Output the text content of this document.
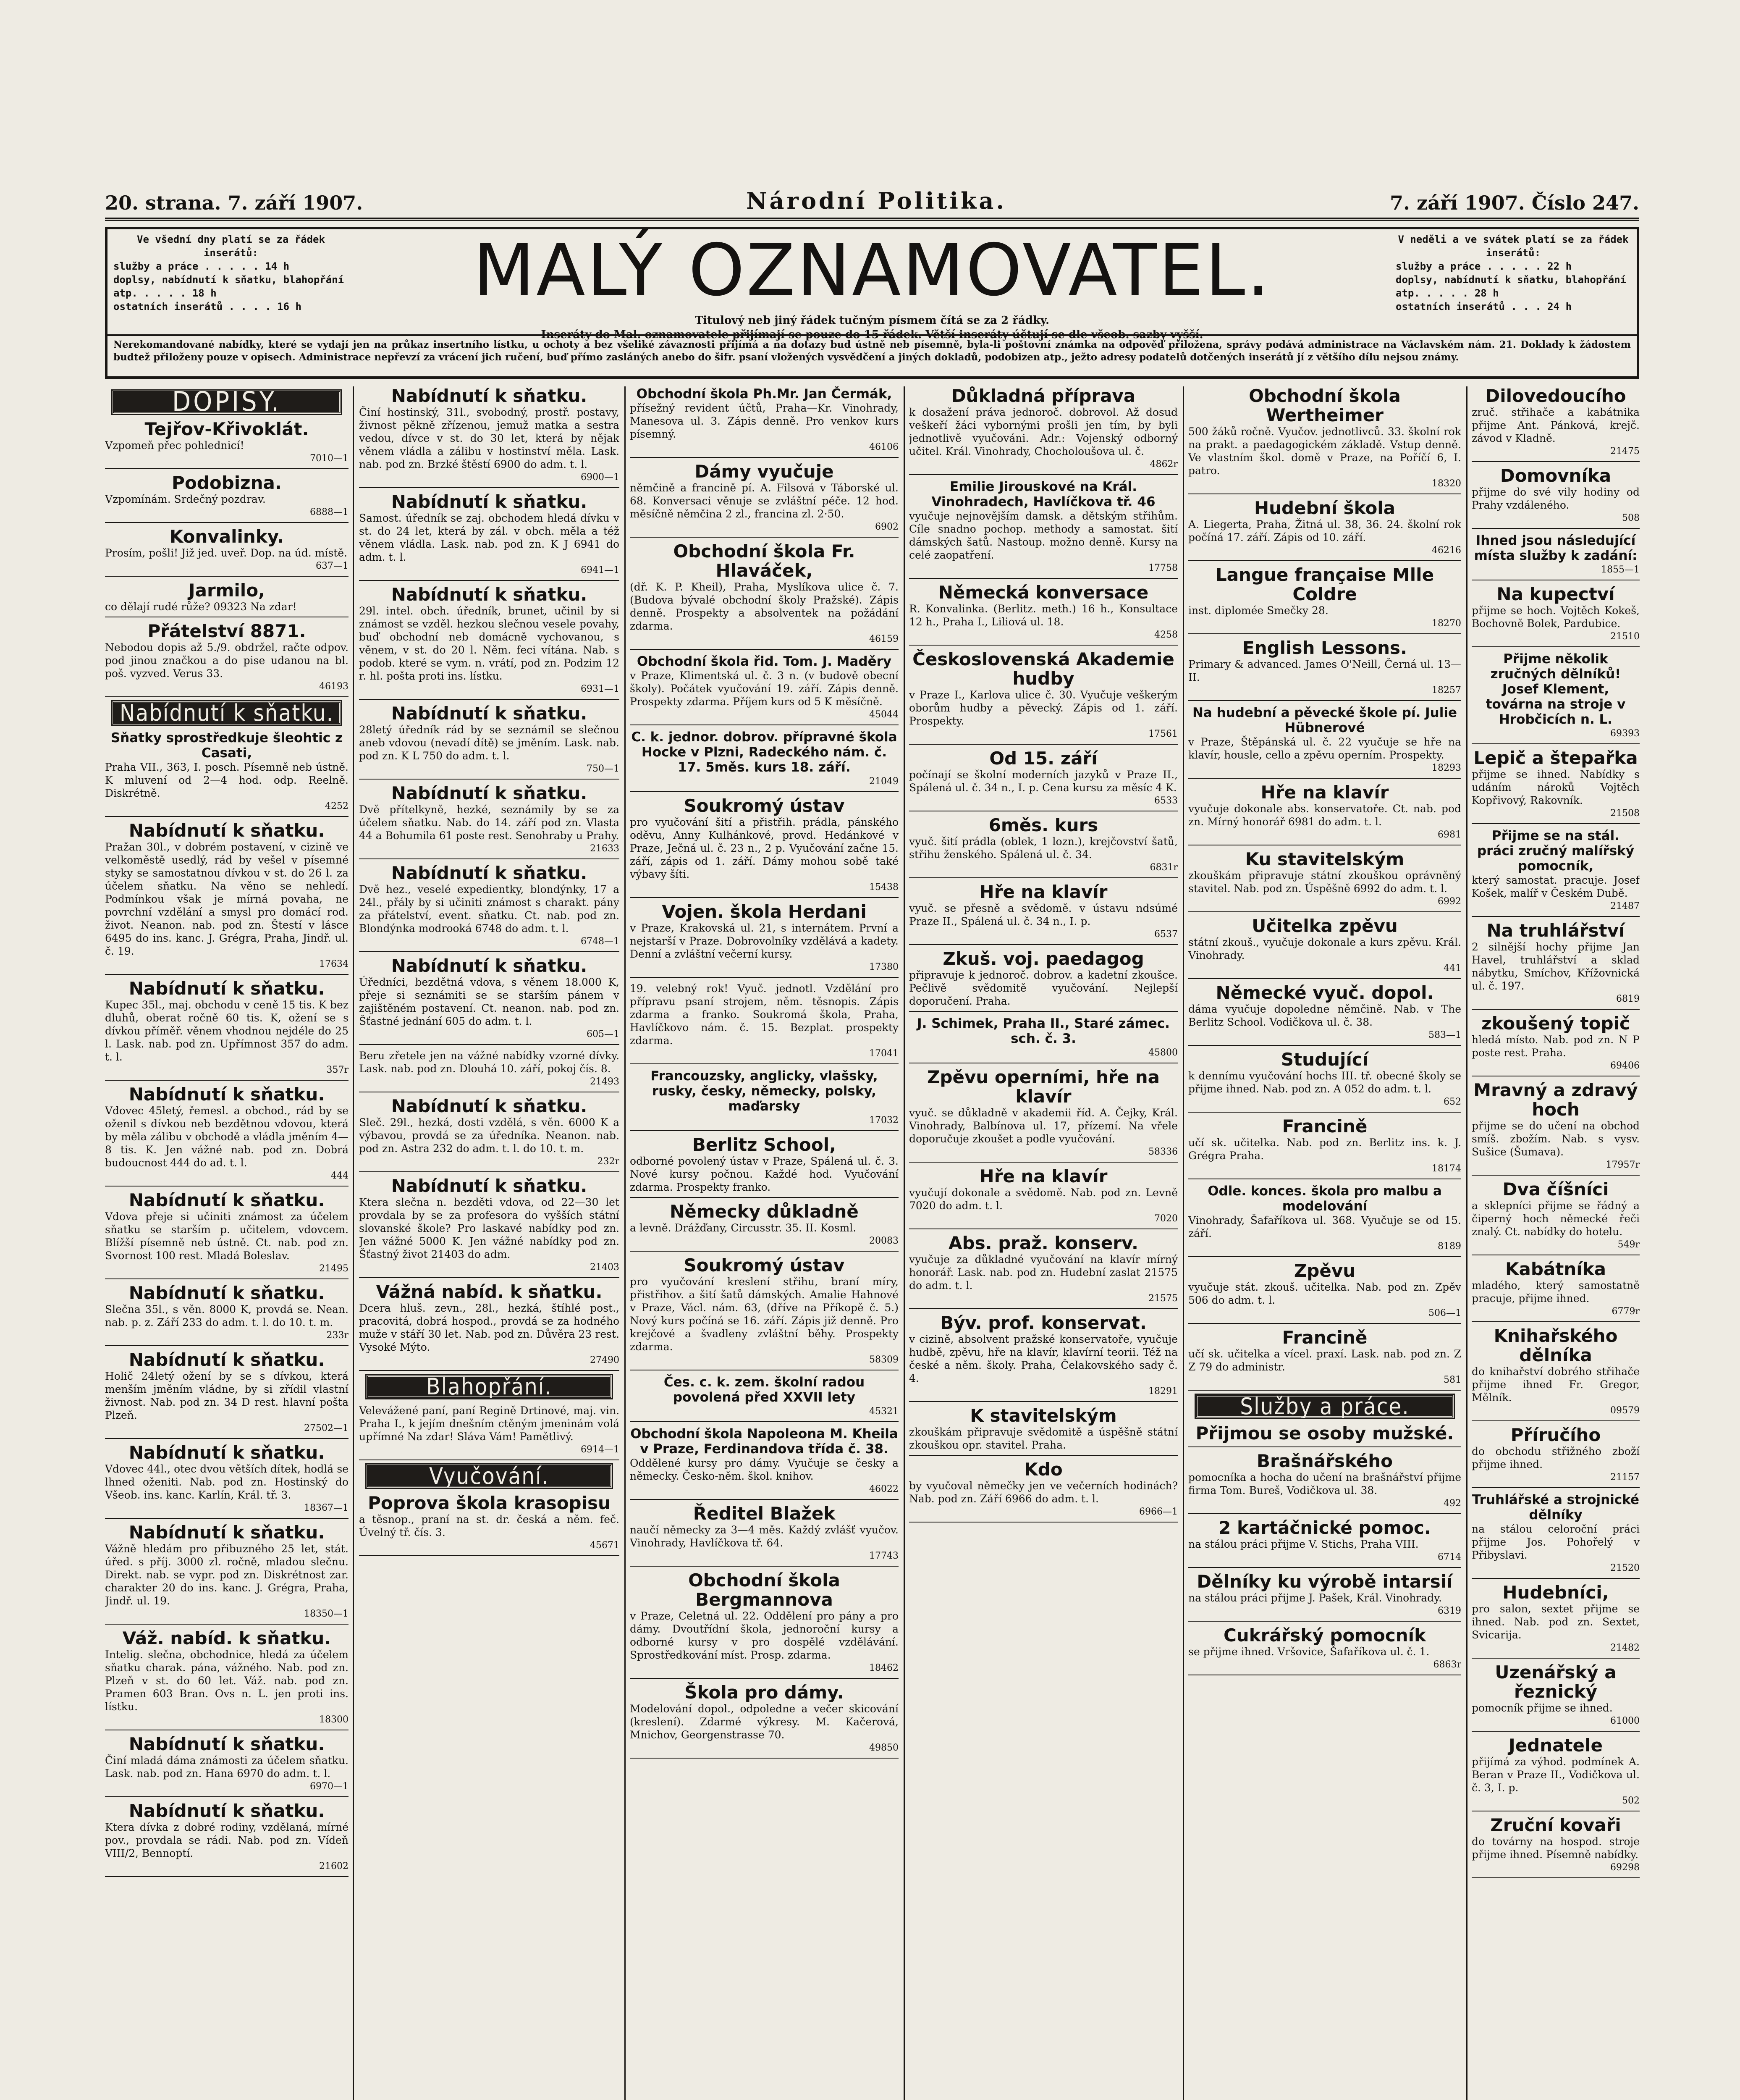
20. strana. 7. září 1907.	Národní Politika.	7. září 1907. Číslo 247.
Ve všední dny platí se za řádek inserátů:
služby a práce . . . . . 14 h
doplsy, nabídnutí k sňatku, blahopřání atp. . . . . 18 h
ostatních inserátů . . . . 16 h	MALÝ OZNAMOVATEL.
Titulový neb jiný řádek tučným písmem čítá se za 2 řádky.
Inseráty do Mal. oznamovatele přijímají se pouze do 15 řádek. Větší inseráty účtují se dle všeob. sazby vyšší.
V neděli a ve svátek platí se za řádek inserátů:
služby a práce . . . . . 22 h
doplsy, nabídnutí k sňatku, blahopřání atp. . . . . 28 h
ostatních inserátů . . . 24 h
Nerekomandované nabídky, které se vydají jen na průkaz insertního lístku, u ochoty a bez všeliké závaznosti přijímá a na dotazy bud ústně neb písemně, byla-li poštovní známka na odpověď přiložena, správy podává administrace na Václavském nám. 21. Doklady k žádostem budtež přiloženy pouze v opisech. Administrace nepřevzí za vrácení jich ručení, buď přímo zasláných anebo do šifr. psaní vložených vysvědčení a jiných dokladů, podobizen atp., ježto adresy podatelů dotčených inserátů jí z většího dílu nejsou známy.
DOPISY.
Tejřov-Křivoklát.
Vzpomeň přec pohlednicí!
7010—1
Podobizna.
Vzpomínám. Srdečný pozdrav.
6888—1
Konvalinky.
Prosím, pošli! Již jed. uveř. Dop. na úd. místě.
637—1
Jarmilo,
co dělají rudé růže? 09323 Na zdar!
Přátelství 8871.
Nebodou dopis až 5./9. obdržel, račte odpov. pod jinou značkou a do pise udanou na bl. poš. vyzved. Verus 33.
46193
Nabídnutí k sňatku.
Sňatky sprostředkuje šleohtic z Casati,
Praha VII., 363, I. posch. Písemně neb ústně. K mluvení od 2—4 hod. odp. Reelně. Diskrétně.
4252
Nabídnutí k sňatku.
Pražan 30l., v dobrém postavení, v cizině ve velkoměstě usedlý, rád by vešel v písemné styky se samostatnou dívkou v st. do 26 l. za účelem sňatku. Na věno se nehledí. Podmínkou však je mírná povaha, ne povrchní vzdělání a smysl pro domácí rod. život. Neanon. nab. pod zn. Štestí v lásce 6495 do ins. kanc. J. Grégra, Praha, Jindř. ul. č. 19.
17634
Nabídnutí k sňatku.
Kupec 35l., maj. obchodu v ceně 15 tis. K bez dluhů, oberat ročně 60 tis. K, ožení se s dívkou příměř. věnem vhodnou nejdéle do 25 l. Lask. nab. pod zn. Upřímnost 357 do adm. t. l.
357r
Nabídnutí k sňatku.
Vdovec 45letý, řemesl. a obchod., rád by se oženil s dívkou neb bezdětnou vdovou, která by měla zálibu v obchodě a vládla jměním 4—8 tis. K. Jen vážné nab. pod zn. Dobrá budoucnost 444 do ad. t. l.
444
Nabídnutí k sňatku.
Vdova přeje si učiniti známost za účelem sňatku se starším p. učitelem, vdovcem. Blížší písemně neb ústně. Ct. nab. pod zn. Svornost 100 rest. Mladá Boleslav.
21495
Nabídnutí k sňatku.
Slečna 35l., s věn. 8000 K, provdá se. Nean. nab. p. z. Září 233 do adm. t. l. do 10. t. m.
233r
Nabídnutí k sňatku.
Holič 24letý ožení by se s dívkou, která menším jměním vládne, by si zřídil vlastní živnost. Nab. pod zn. 34 D rest. hlavní pošta Plzeň.
27502—1
Nabídnutí k sňatku.
Vdovec 44l., otec dvou větších dítek, hodlá se lhned oženiti. Nab. pod zn. Hostinský do Všeob. ins. kanc. Karlín, Král. tř. 3.
18367—1
Nabídnutí k sňatku.
Vážně hledám pro přibuzného 25 let, stát. úřed. s příj. 3000 zl. ročně, mladou slečnu. Direkt. nab. se vypr. pod zn. Diskrétnost zar. charakter 20 do ins. kanc. J. Grégra, Praha, Jindř. ul. 19.
18350—1
Váž. nabíd. k sňatku.
Intelig. slečna, obchodnice, hledá za účelem sňatku charak. pána, vážného. Nab. pod zn. Plzeň v st. do 60 let. Váž. nab. pod zn. Pramen 603 Bran. Ovs n. L. jen proti ins. lístku.
18300
Nabídnutí k sňatku.
Činí mladá dáma známosti za účelem sňatku. Lask. nab. pod zn. Hana 6970 do adm. t. l.
6970—1
Nabídnutí k sňatku.
Ktera dívka z dobré rodiny, vzdělaná, mírné pov., provdala se rádi. Nab. pod zn. Vídeň VIII/2, Bennoptí.
21602
Nabídnutí k sňatku.
Činí hostinský, 31l., svobodný, prostř. postavy, živnost pěkně zřízenou, jemuž matka a sestra vedou, dívce v st. do 30 let, která by nějak věnem vládla a zálibu v hostinství měla. Lask. nab. pod zn. Brzké štěstí 6900 do adm. t. l.
6900—1
Nabídnutí k sňatku.
Samost. úředník se zaj. obchodem hledá dívku v st. do 24 let, která by zál. v obch. měla a též věnem vládla. Lask. nab. pod zn. K J 6941 do adm. t. l.
6941—1
Nabídnutí k sňatku.
29l. intel. obch. úředník, brunet, učinil by si známost se vzděl. hezkou slečnou vesele povahy, buď obchodní neb domácně vychovanou, s věnem, v st. do 20 l. Něm. feci vítána. Nab. s podob. které se vym. n. vrátí, pod zn. Podzim 12 r. hl. pošta proti ins. lístku.
6931—1
Nabídnutí k sňatku.
28letý úředník rád by se seznámil se slečnou aneb vdovou (nevadí dítě) se jměním. Lask. nab. pod zn. K L 750 do adm. t. l.
750—1
Nabídnutí k sňatku.
Dvě přítelkyně, hezké, seznámily by se za účelem sňatku. Nab. do 14. září pod zn. Vlasta 44 a Bohumila 61 poste rest. Senohraby u Prahy.
21633
Nabídnutí k sňatku.
Dvě hez., veselé expedientky, blondýnky, 17 a 24l., přály by si učiniti známost s charakt. pány za přátelství, event. sňatku. Ct. nab. pod zn. Blondýnka modrooká 6748 do adm. t. l.
6748—1
Nabídnutí k sňatku.
Úředníci, bezdětná vdova, s věnem 18.000 K, přeje si seznámiti se se starším pánem v zajištěném postavení. Ct. neanon. nab. pod zn. Šťastné jednání 605 do adm. t. l.
605—1
Beru zřetele jen na vážné nabídky vzorné dívky. Lask. nab. pod zn. Dlouhá 10. září, pokoj čís. 8.
21493
Nabídnutí k sňatku.
Sleč. 29l., hezká, dosti vzdělá, s věn. 6000 K a výbavou, provdá se za úředníka. Neanon. nab. pod zn. Astra 232 do adm. t. l. do 10. t. m.
232r
Nabídnutí k sňatku.
Ktera slečna n. bezděti vdova, od 22—30 let provdala by se za profesora do vyšších státní slovanské škole? Pro laskavé nabídky pod zn. Jen vážné 5000 K. Jen vážné nabídky pod zn. Šťastný život 21403 do adm.
21403
Vážná nabíd. k sňatku.
Dcera hluš. zevn., 28l., hezká, štíhlé post., pracovitá, dobrá hospod., provdá se za hodného muže v stáří 30 let. Nab. pod zn. Důvěra 23 rest. Vysoké Mýto.
27490
Blahopřání.
Velevážené paní, paní Regině Drtinové, maj. vin. Praha I., k jejím dnešním ctěným jmeninám volá upřímné Na zdar! Sláva Vám! Pamětlivý.
6914—1
Vyučování.
Poprova škola krasopisu
a těsnop., praní na st. dr. česká a něm. feč. Úvelný tř. čís. 3.
45671
Obchodní škola Ph.Mr. Jan Čermák,
přísežný revident účtů, Praha—Kr. Vinohrady, Manesova ul. 3. Zápis denně. Pro venkov kurs písemný.
46106
Dámy vyučuje
němčině a francině pí. A. Filsová v Táborské ul. 68. Konversaci věnuje se zvláštní péče. 12 hod. měsíčně němčina 2 zl., francina zl. 2·50.
6902
Obchodní škola Fr. Hlaváček,
(dř. K. P. Kheil), Praha, Myslíkova ulice č. 7. (Budova bývalé obchodní školy Pražské). Zápis denně. Prospekty a absolventek na požádání zdarma.
46159
Obchodní škola řid. Tom. J. Maděry
v Praze, Klimentská ul. č. 3 n. (v budově obecní školy). Počátek vyučování 19. září. Zápis denně. Prospekty zdarma. Příjem kurs od 5 K měsíčně.
45044
C. k. jednor. dobrov. přípravné škola Hocke v Plzni, Radeckého nám. č. 17. 5měs. kurs 18. září.
21049
Soukromý ústav
pro vyučování šití a přistřih. prádla, pánského oděvu, Anny Kulhánkové, provd. Hedánkové v Praze, Ječná ul. č. 23 n., 2 p. Vyučování začne 15. září, zápis od 1. září. Dámy mohou sobě také výbavy šíti.
15438
Vojen. škola Herdani
v Praze, Krakovská ul. 21, s internátem. První a nejstarší v Praze. Dobrovolníky vzdělává a kadety. Denní a zvláštní večerní kursy.
17380
19. velebný rok! Vyuč. jednotl. Vzdělání pro přípravu psaní strojem, něm. těsnopis. Zápis zdarma a franko. Soukromá škola, Praha, Havlíčkovo nám. č. 15. Bezplat. prospekty zdarma.
17041
Francouzsky, anglicky, vlašsky, rusky, česky, německy, polsky, maďarsky
17032
Berlitz School,
odborné povolený ústav v Praze, Spálená ul. č. 3. Nové kursy počnou. Každé hod. Vyučování zdarma. Prospekty franko.
Německy důkladně
a levně. Drážďany, Circusstr. 35. II. Kosml.
20083
Soukromý ústav
pro vyučování kreslení střihu, braní míry, přistřihov. a šití šatů dámských. Amalie Hahnové v Praze, Václ. nám. 63, (dříve na Příkopě č. 5.) Nový kurs počíná se 16. září. Zápis již denně. Pro krejčové a švadleny zvláštní běhy. Prospekty zdarma.
58309
Čes. c. k. zem. školní radou povolená před XXVII lety
45321
Obchodní škola Napoleona M. Kheila v Praze, Ferdinandova třída č. 38.
Oddělené kursy pro dámy. Vyučuje se česky a německy. Česko-něm. škol. knihov.
46022
Ředitel Blažek
naučí německy za 3—4 měs. Každý zvlášť vyučov. Vinohrady, Havlíčkova tř. 64.
17743
Obchodní škola Bergmannova
v Praze, Celetná ul. 22. Oddělení pro pány a pro dámy. Dvoutřídní škola, jednoroční kursy a odborné kursy v pro dospělé vzdělávání. Sprostředkování míst. Prosp. zdarma.
18462
Škola pro dámy.
Modelování dopol., odpoledne a večer skicování (kreslení). Zdarmé výkresy. M. Kačerová, Mnichov, Georgenstrasse 70.
49850
Důkladná příprava
k dosažení práva jednoroč. dobrovol. Až dosud veškeří žáci vybornými prošli jen tím, by byli jednotlivě vyučováni. Adr.: Vojenský odborný učitel. Král. Vinohrady, Chocholoušova ul. č.
4862r
Emilie Jirouskové na Král. Vinohradech, Havlíčkova tř. 46
vyučuje nejnovějším damsk. a dětským střihům. Cíle snadno pochop. methody a samostat. šití dámských šatů. Nastoup. možno denně. Kursy na celé zaopatření.
17758
Německá konversace
R. Konvalinka. (Berlitz. meth.) 16 h., Konsultace 12 h., Praha I., Liliová ul. 18.
4258
Československá Akademie hudby
v Praze I., Karlova ulice č. 30. Vyučuje veškerým oborům hudby a pěvecký. Zápis od 1. září. Prospekty.
17561
Od 15. září
počínají se školní moderních jazyků v Praze II., Spálená ul. č. 34 n., I. p. Cena kursu za měsíc 4 K.
6533
6měs. kurs
vyuč. šití prádla (oblek, 1 lozn.), krejčovství šatů, střihu ženského. Spálená ul. č. 34.
6831r
Hře na klavír
vyuč. se přesně a svědomě. v ústavu ndsúmé Praze II., Spálená ul. č. 34 n., I. p.
6537
Zkuš. voj. paedagog
připravuje k jednoroč. dobrov. a kadetní zkoušce. Pečlivě svědomitě vyučování. Nejlepší doporučení. Praha.
J. Schimek, Praha II., Staré zámec. sch. č. 3.
45800
Zpěvu operními, hře na klavír
vyuč. se důkladně v akademii říd. A. Čejky, Král. Vinohrady, Balbínova ul. 17, přízemí. Na vřele doporučuje zkoušet a podle vyučování.
58336
Hře na klavír
vyučují dokonale a svědomě. Nab. pod zn. Levně 7020 do adm. t. l.
7020
Abs. praž. konserv.
vyučuje za důkladné vyučování na klavír mírný honorář. Lask. nab. pod zn. Hudební zaslat 21575 do adm. t. l.
21575
Býv. prof. konservat.
v cizině, absolvent pražské konservatoře, vyučuje hudbě, zpěvu, hře na klavír, klavírní teorii. Též na české a něm. školy. Praha, Čelakovského sady č. 4.
18291
K stavitelským
zkouškám připravuje svědomitě a úspěšně státní zkouškou opr. stavitel. Praha.
Kdo
by vyučoval němečky jen ve večerních hodinách? Nab. pod zn. Září 6966 do adm. t. l.
6966—1
Obchodní škola Wertheimer
500 žáků ročně. Vyučov. jednotlivců. 33. školní rok na prakt. a paedagogickém základě. Vstup denně. Ve vlastním škol. domě v Praze, na Poříčí 6, I. patro.
18320
Hudební škola
A. Liegerta, Praha, Žitná ul. 38, 36. 24. školní rok počíná 17. září. Zápis od 10. září.
46216
Langue française Mlle Coldre
inst. diplomée Smečky 28.
18270
English Lessons.
Primary & advanced. James O'Neill, Černá ul. 13—II.
18257
Na hudební a pěvecké škole pí. Julie Hübnerové
v Praze, Štěpánská ul. č. 22 vyučuje se hře na klavír, housle, cello a zpěvu operním. Prospekty.
18293
Hře na klavír
vyučuje dokonale abs. konservatoře. Ct. nab. pod zn. Mírný honorář 6981 do adm. t. l.
6981
Ku stavitelským
zkouškám připravuje státní zkouškou oprávněný stavitel. Nab. pod zn. Úspěšně 6992 do adm. t. l.
6992
Učitelka zpěvu
státní zkouš., vyučuje dokonale a kurs zpěvu. Král. Vinohrady.
441
Německé vyuč. dopol.
dáma vyučuje dopoledne němčině. Nab. v The Berlitz School. Vodičkova ul. č. 38.
583—1
Studující
k dennímu vyučování hochs III. tř. obecné školy se přijme ihned. Nab. pod zn. A 052 do adm. t. l.
652
Francině
učí sk. učitelka. Nab. pod zn. Berlitz ins. k. J. Grégra Praha.
18174
Odle. konces. škola pro malbu a modelování
Vinohrady, Šafaříkova ul. 368. Vyučuje se od 15. září.
8189
Zpěvu
vyučuje stát. zkouš. učitelka. Nab. pod zn. Zpěv 506 do adm. t. l.
506—1
Francině
učí sk. učitelka a vícel. praxí. Lask. nab. pod zn. Z Z 79 do administr.
581
Služby a práce.
Přijmou se osoby mužské.
Brašnářského
pomocníka a hocha do učení na brašnářství přijme firma Tom. Bureš, Vodičkova ul. 38.
492
2 kartáčnické pomoc.
na stálou práci přijme V. Stichs, Praha VIII.
6714
Dělníky ku výrobě intarsií
na stálou práci přijme J. Pašek, Král. Vinohrady.
6319
Cukrářský pomocník
se přijme ihned. Vršovice, Šafaříkova ul. č. 1.
6863r
Dilovedoucího
zruč. střihače a kabátnika přijme Ant. Pánková, krejč. závod v Kladně.
21475
Domovníka
přijme do své vily hodiny od Prahy vzdáleného.
508
Ihned jsou následující místa služby k zadání:
1855—1
Na kupectví
přijme se hoch. Vojtěch Kokeš, Bochovně Bolek, Pardubice.
21510
Přijme několik zručných dělníků! Josef Klement, továrna na stroje v Hrobčicích n. L.
69393
Lepič a štepařka
přijme se ihned. Nabídky s udáním nároků Vojtěch Kopřivový, Rakovník.
21508
Přijme se na stál. práci zručný malířský pomocník,
který samostat. pracuje. Josef Košek, malíř v Českém Dubě.
21487
Na truhlářství
2 silnější hochy přijme Jan Havel, truhlářství a sklad nábytku, Smíchov, Křížovnická ul. č. 197.
6819
zkoušený topič
hledá místo. Nab. pod zn. N P poste rest. Praha.
69406
Mravný a zdravý hoch
přijme se do učení na obchod smíš. zbožím. Nab. s vysv. Sušice (Šumava).
17957r
Dva číšníci
a sklepníci přijme se řádný a čiperný hoch německé řeči znalý. Ct. nabídky do hotelu.
549r
Kabátníka
mladého, který samostatně pracuje, přijme ihned.
6779r
Knihařského dělníka
do knihařství dobrého střihače přijme ihned Fr. Gregor, Mělník.
09579
Příručího
do obchodu střižného zboží přijme ihned.
21157
Truhlářské a strojnické dělníky
na stálou celoroční práci přijme Jos. Pohořelý v Přibyslavi.
21520
Hudebníci,
pro salon, sextet přijme se ihned. Nab. pod zn. Sextet, Svicarija.
21482
Uzenářský a řeznický
pomocník přijme se ihned.
61000
Jednatele
přijímá za výhod. podmínek A. Beran v Praze II., Vodičkova ul. č. 3, I. p.
502
Zruční kovaři
do továrny na hospod. stroje přijme ihned. Písemně nabídky.
69298
